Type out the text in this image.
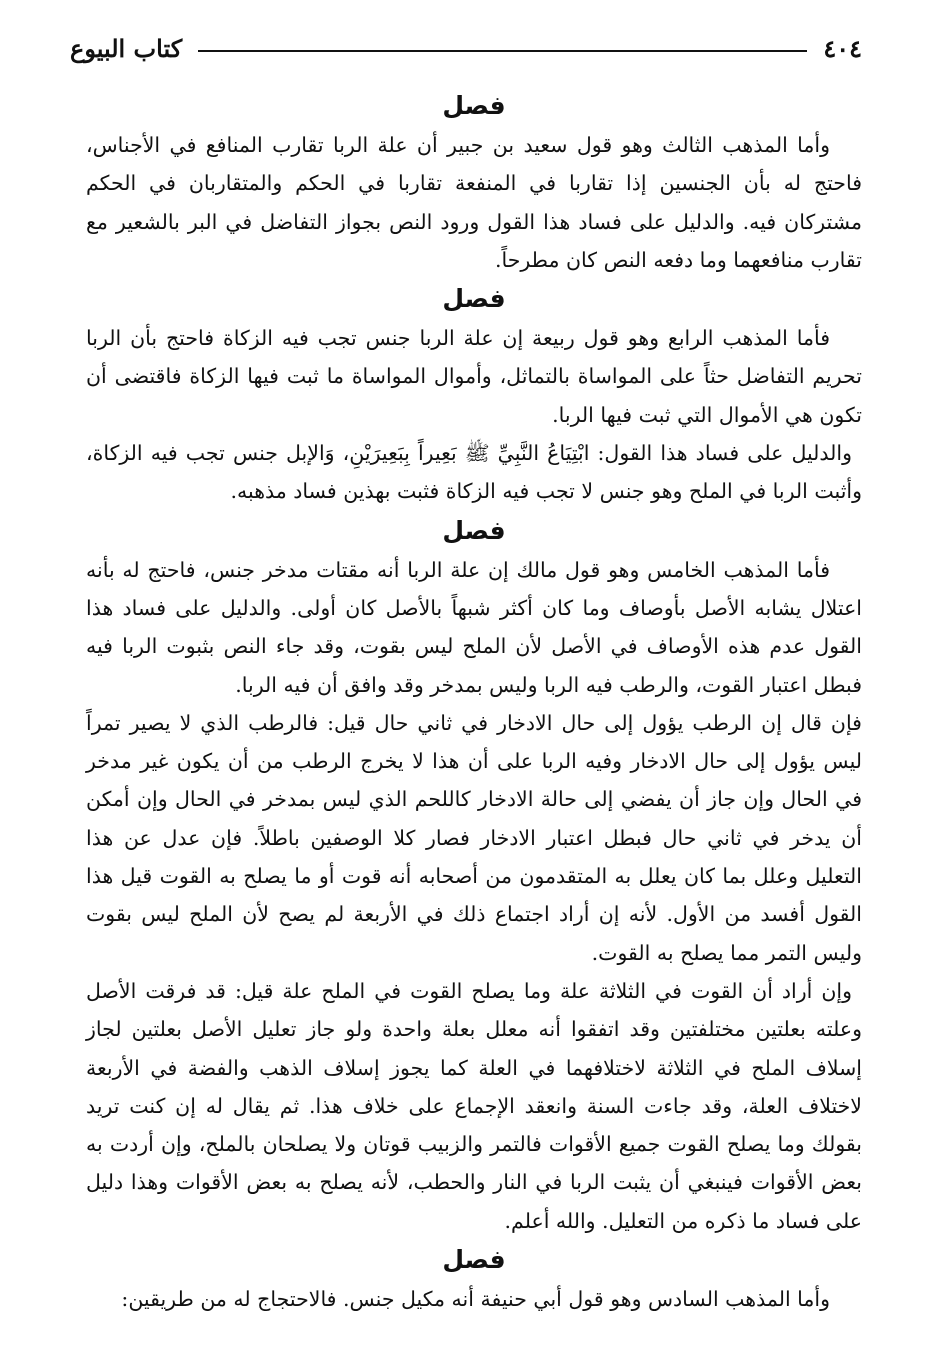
٤٠٤
كتاب البيوع

فصل

وأما المذهب الثالث وهو قول سعيد بن جبير أن علة الربا تقارب المنافع في الأجناس، فاحتج له بأن الجنسين إذا تقاربا في المنفعة تقاربا في الحكم والمتقاربان في الحكم مشتركان فيه. والدليل على فساد هذا القول ورود النص بجواز التفاضل في البر بالشعير مع تقارب منافعهما وما دفعه النص كان مطرحاً.

فصل

فأما المذهب الرابع وهو قول ربيعة إن علة الربا جنس تجب فيه الزكاة فاحتج بأن الربا تحريم التفاضل حثاً على المواساة بالتماثل، وأموال المواساة ما ثبت فيها الزكاة فاقتضى أن تكون هي الأموال التي ثبت فيها الربا.

والدليل على فساد هذا القول: ابْتِيَاعُ النَّبِيِّ ﷺ بَعِيراً بِبَعِيرَيْنِ، وَالإبل جنس تجب فيه الزكاة، وأثبت الربا في الملح وهو جنس لا تجب فيه الزكاة فثبت بهذين فساد مذهبه.

فصل

فأما المذهب الخامس وهو قول مالك إن علة الربا أنه مقتات مدخر جنس، فاحتج له بأنه اعتلال يشابه الأصل بأوصاف وما كان أكثر شبهاً بالأصل كان أولى. والدليل على فساد هذا القول عدم هذه الأوصاف في الأصل لأن الملح ليس بقوت، وقد جاء النص بثبوت الربا فيه فبطل اعتبار القوت، والرطب فيه الربا وليس بمدخر وقد وافق أن فيه الربا.

فإن قال إن الرطب يؤول إلى حال الادخار في ثاني حال قيل: فالرطب الذي لا يصير تمراً ليس يؤول إلى حال الادخار وفيه الربا على أن هذا لا يخرج الرطب من أن يكون غير مدخر في الحال وإن جاز أن يفضي إلى حالة الادخار كاللحم الذي ليس بمدخر في الحال وإن أمكن أن يدخر في ثاني حال فبطل اعتبار الادخار فصار كلا الوصفين باطلاً. فإن عدل عن هذا التعليل وعلل بما كان يعلل به المتقدمون من أصحابه أنه قوت أو ما يصلح به القوت قيل هذا القول أفسد من الأول. لأنه إن أراد اجتماع ذلك في الأربعة لم يصح لأن الملح ليس بقوت وليس التمر مما يصلح به القوت.

وإن أراد أن القوت في الثلاثة علة وما يصلح القوت في الملح علة قيل: قد فرقت الأصل وعلته بعلتين مختلفتين وقد اتفقوا أنه معلل بعلة واحدة ولو جاز تعليل الأصل بعلتين لجاز إسلاف الملح في الثلاثة لاختلافهما في العلة كما يجوز إسلاف الذهب والفضة في الأربعة لاختلاف العلة، وقد جاءت السنة وانعقد الإجماع على خلاف هذا. ثم يقال له إن كنت تريد بقولك وما يصلح القوت جميع الأقوات فالتمر والزبيب قوتان ولا يصلحان بالملح، وإن أردت به بعض الأقوات فينبغي أن يثبت الربا في النار والحطب، لأنه يصلح به بعض الأقوات وهذا دليل على فساد ما ذكره من التعليل. والله أعلم.

فصل

وأما المذهب السادس وهو قول أبي حنيفة أنه مكيل جنس. فالاحتجاج له من طريقين:
